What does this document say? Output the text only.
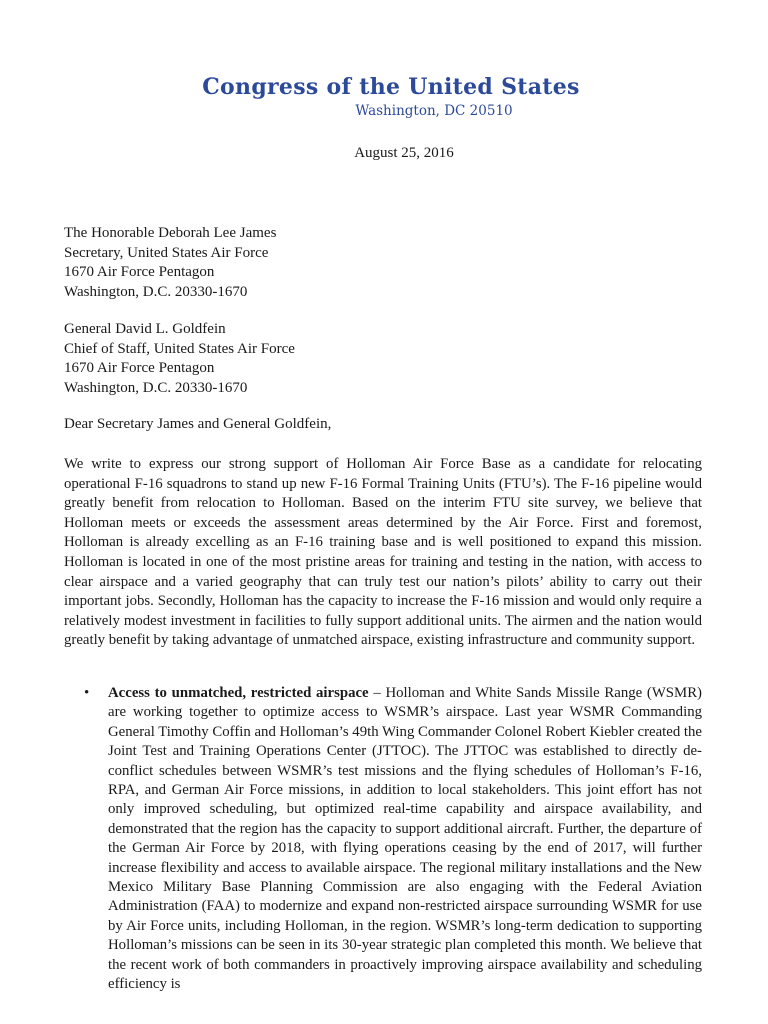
Congress of the United States
Washington, DC 20510
August 25, 2016
The Honorable Deborah Lee James
Secretary, United States Air Force
1670 Air Force Pentagon
Washington, D.C. 20330-1670
General David L. Goldfein
Chief of Staff, United States Air Force
1670 Air Force Pentagon
Washington, D.C. 20330-1670
Dear Secretary James and General Goldfein,
We write to express our strong support of Holloman Air Force Base as a candidate for relocating operational F-16 squadrons to stand up new F-16 Formal Training Units (FTU’s). The F-16 pipeline would greatly benefit from relocation to Holloman. Based on the interim FTU site survey, we believe that Holloman meets or exceeds the assessment areas determined by the Air Force. First and foremost, Holloman is already excelling as an F-16 training base and is well positioned to expand this mission. Holloman is located in one of the most pristine areas for training and testing in the nation, with access to clear airspace and a varied geography that can truly test our nation’s pilots’ ability to carry out their important jobs. Secondly, Holloman has the capacity to increase the F-16 mission and would only require a relatively modest investment in facilities to fully support additional units. The airmen and the nation would greatly benefit by taking advantage of unmatched airspace, existing infrastructure and community support.
• Access to unmatched, restricted airspace – Holloman and White Sands Missile Range (WSMR) are working together to optimize access to WSMR’s airspace. Last year WSMR Commanding General Timothy Coffin and Holloman’s 49th Wing Commander Colonel Robert Kiebler created the Joint Test and Training Operations Center (JTTOC). The JTTOC was established to directly de-conflict schedules between WSMR’s test missions and the flying schedules of Holloman’s F-16, RPA, and German Air Force missions, in addition to local stakeholders. This joint effort has not only improved scheduling, but optimized real-time capability and airspace availability, and demonstrated that the region has the capacity to support additional aircraft. Further, the departure of the German Air Force by 2018, with flying operations ceasing by the end of 2017, will further increase flexibility and access to available airspace. The regional military installations and the New Mexico Military Base Planning Commission are also engaging with the Federal Aviation Administration (FAA) to modernize and expand non-restricted airspace surrounding WSMR for use by Air Force units, including Holloman, in the region. WSMR’s long-term dedication to supporting Holloman’s missions can be seen in its 30-year strategic plan completed this month. We believe that the recent work of both commanders in proactively improving airspace availability and scheduling efficiency is
